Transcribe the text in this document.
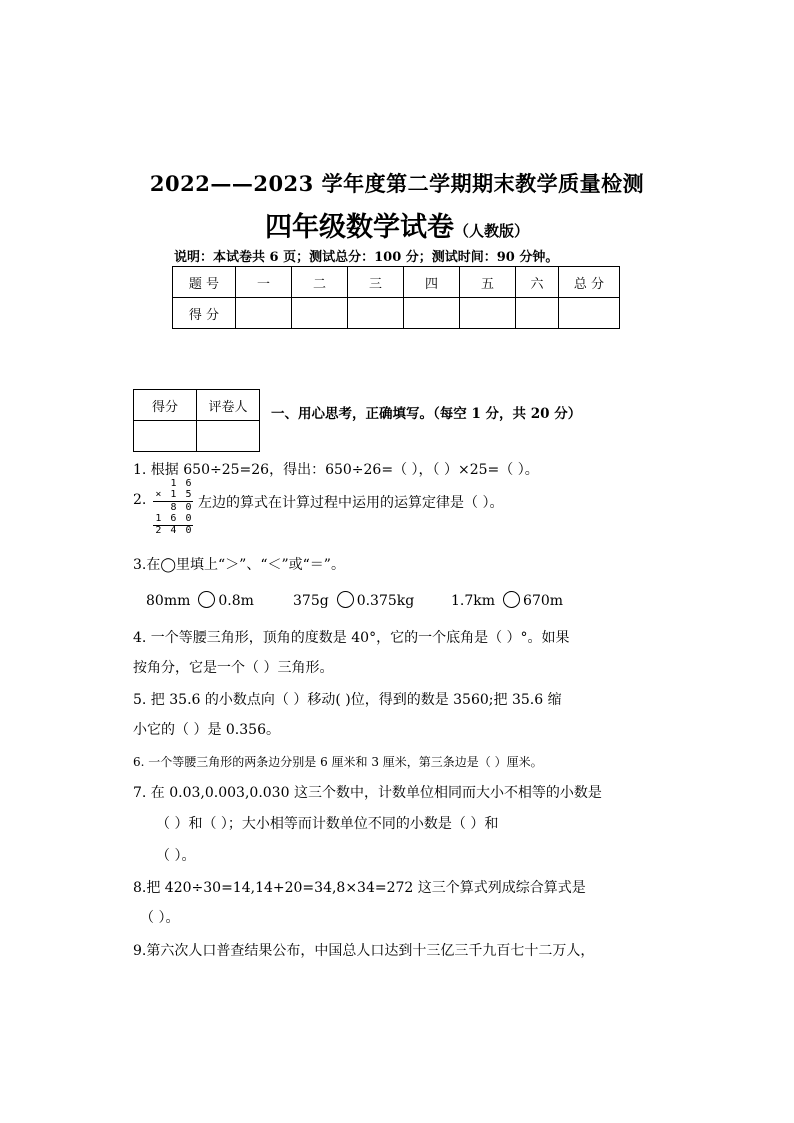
2022——2023 学年度第二学期期末教学质量检测
四年级数学试卷（人教版）
说明：本试卷共 6 页；测试总分：100 分；测试时间：90 分钟。
题 号	一	二	三	四	五	六	总 分
得 分							
得分	评卷人
	一、用心思考，正确填写。（每空 1 分，共 20 分）
1. 根据 650÷25=26，得出：650÷26=（ ），（ ）×25=（ ）。
2.
1 6
× 1 5
8 0
1 6 0
2 4 0
左边的算式在计算过程中运用的运算定律是（ ）。
3.在◯里填上“＞”、“＜”或“＝”。
80mm 0.8m	375g 0.375kg	1.7km 670m
4. 一个等腰三角形，顶角的度数是 40°，它的一个底角是（ ）°。如果
按角分，它是一个（ ）三角形。
5. 把 35.6 的小数点向（ ）移动( )位，得到的数是 3560;把 35.6 缩
小它的（ ）是 0.356。
6. 一个等腰三角形的两条边分别是 6 厘米和 3 厘米，第三条边是（ ）厘米。
7. 在 0.03,0.003,0.030 这三个数中，计数单位相同而大小不相等的小数是
（ ）和（ ）；大小相等而计数单位不同的小数是（ ）和
（ ）。
8.把 420÷30=14,14+20=34,8×34=272 这三个算式列成综合算式是
（ ）。
9.第六次人口普查结果公布，中国总人口达到十三亿三千九百七十二万人，
